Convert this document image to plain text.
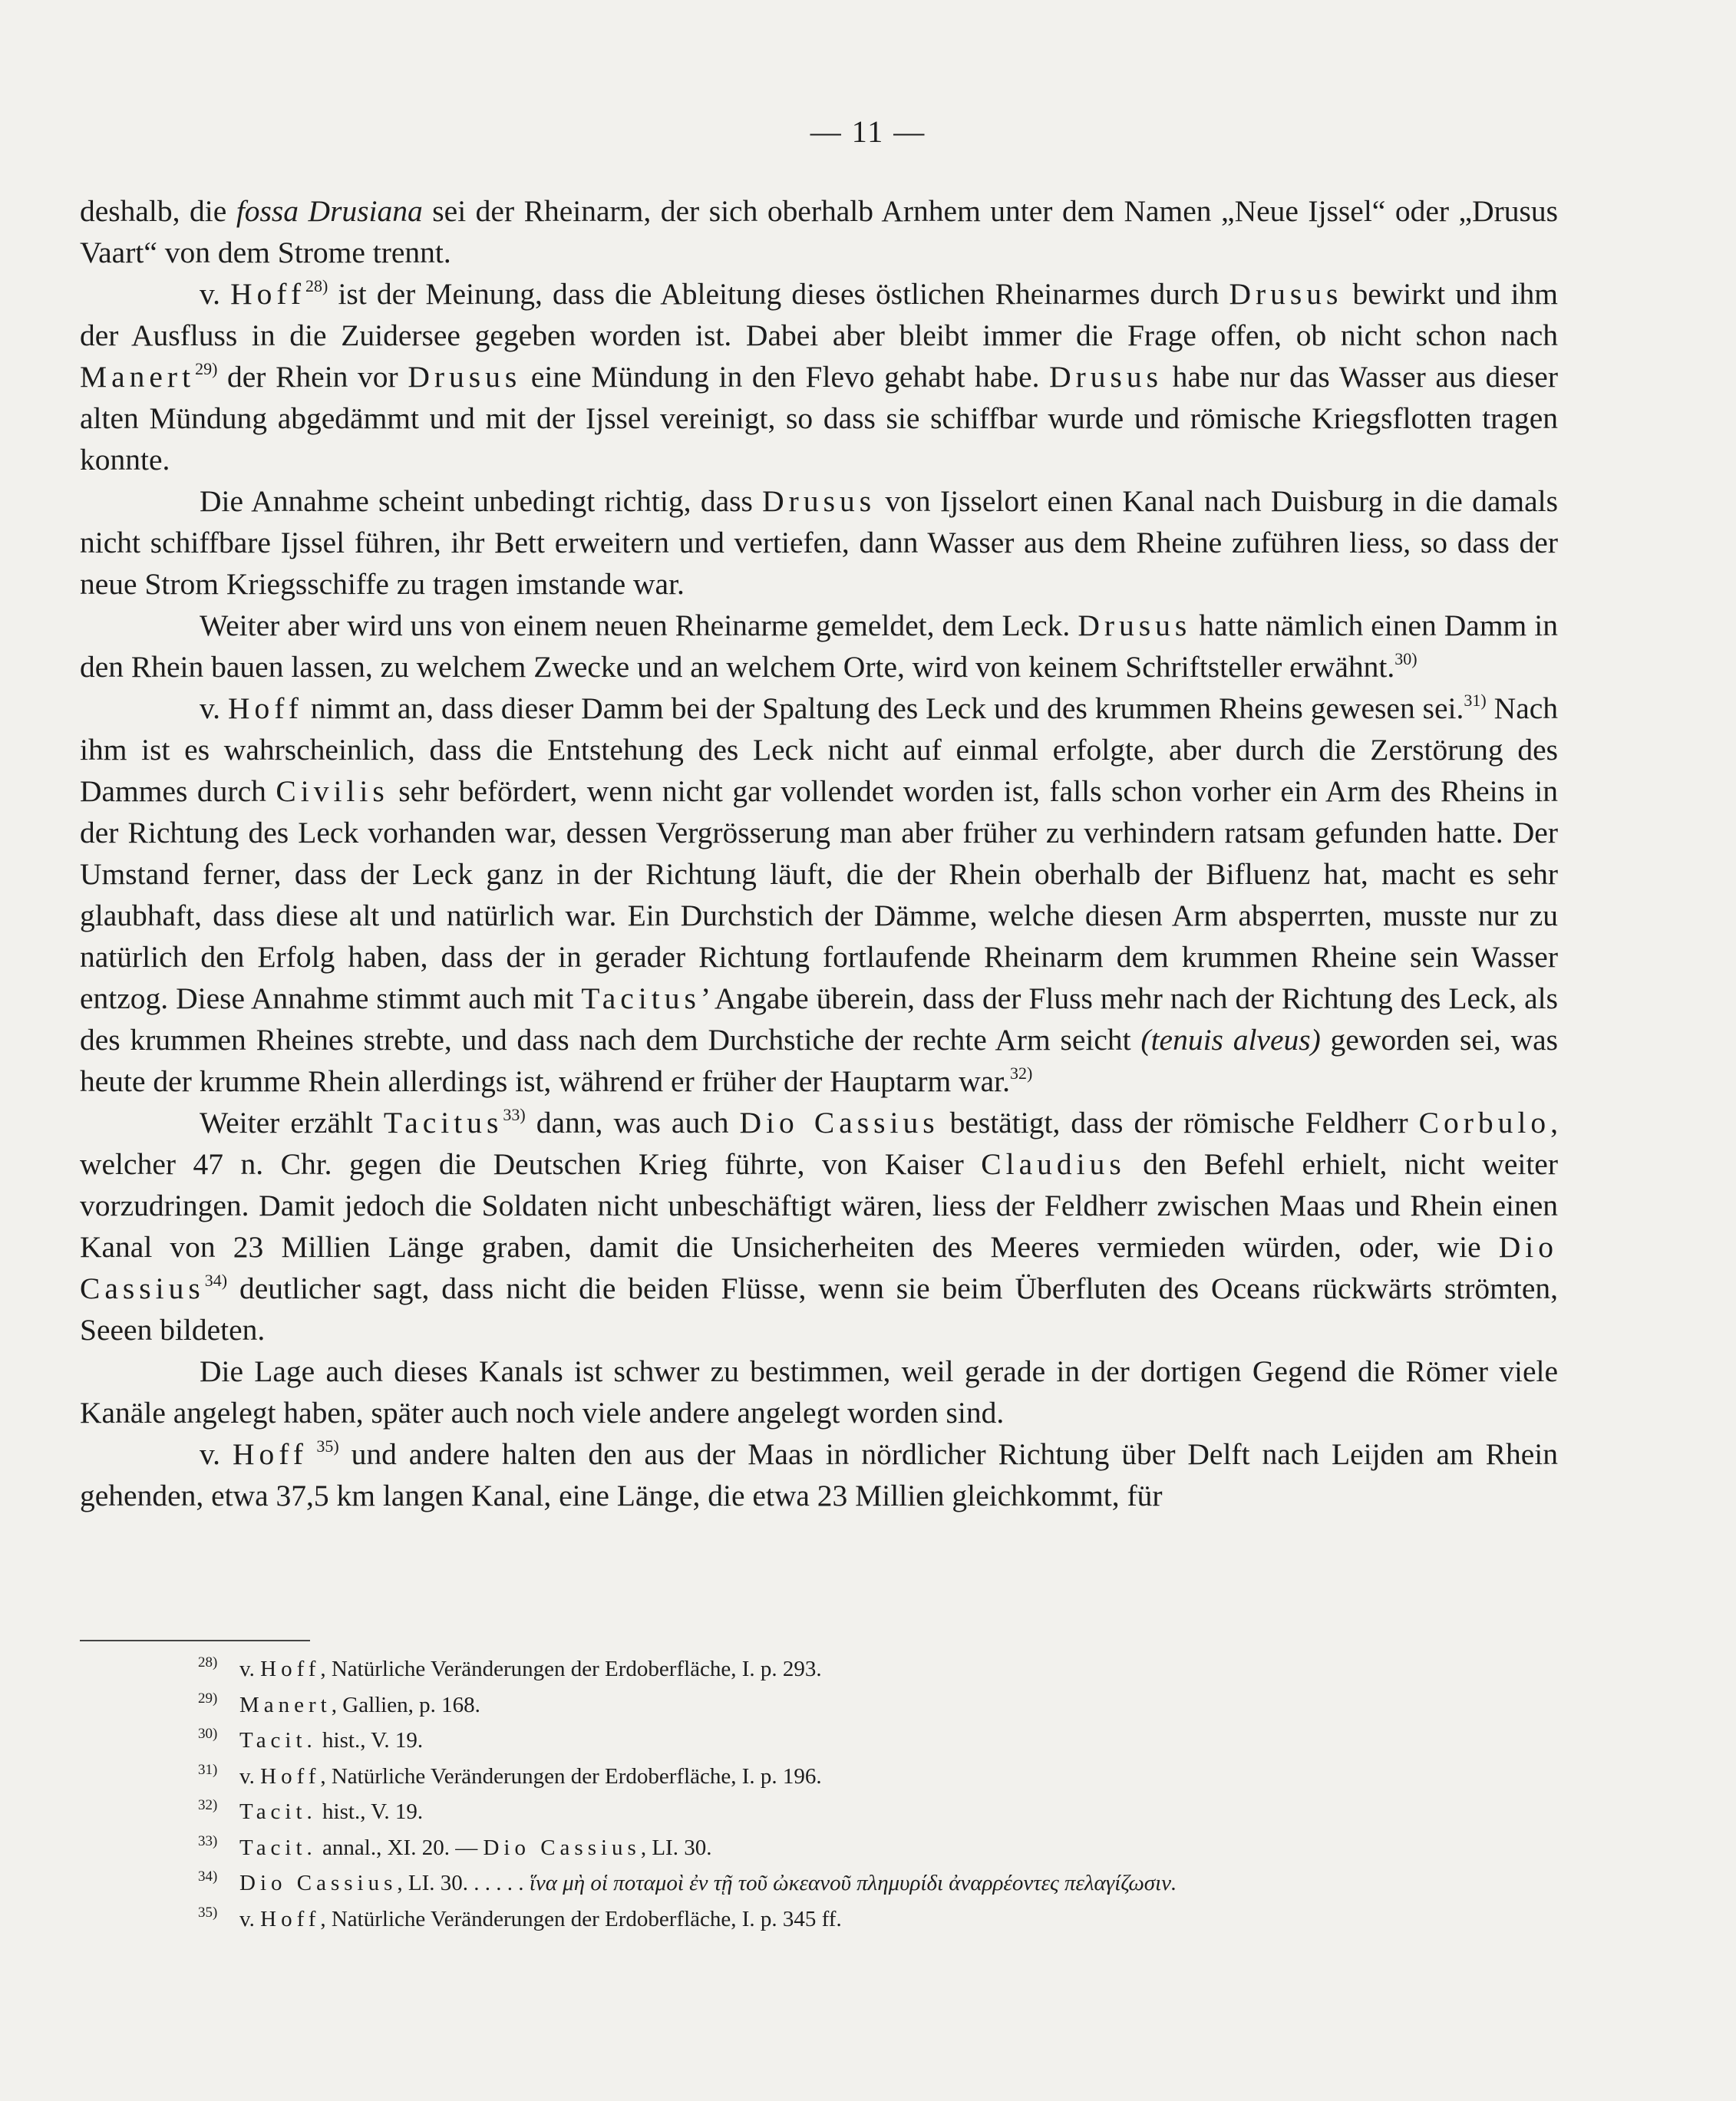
— 11 —

deshalb, die fossa Drusiana sei der Rheinarm, der sich oberhalb Arnhem unter dem Namen „Neue Ijssel“ oder „Drusus Vaart“ von dem Strome trennt.

v. Hoff$^{28)}$ ist der Meinung, dass die Ableitung dieses östlichen Rheinarmes durch Drusus bewirkt und ihm der Ausfluss in die Zuidersee gegeben worden ist. Dabei aber bleibt immer die Frage offen, ob nicht schon nach Manert$^{29)}$ der Rhein vor Drusus eine Mündung in den Flevo gehabt habe. Drusus habe nur das Wasser aus dieser alten Mündung abgedämmt und mit der Ijssel vereinigt, so dass sie schiffbar wurde und römische Kriegsflotten tragen konnte.

Die Annahme scheint unbedingt richtig, dass Drusus von Ijsselort einen Kanal nach Duisburg in die damals nicht schiffbare Ijssel führen, ihr Bett erweitern und vertiefen, dann Wasser aus dem Rheine zuführen liess, so dass der neue Strom Kriegsschiffe zu tragen imstande war.

Weiter aber wird uns von einem neuen Rheinarme gemeldet, dem Leck. Drusus hatte nämlich einen Damm in den Rhein bauen lassen, zu welchem Zwecke und an welchem Orte, wird von keinem Schriftsteller erwähnt.$^{30)}$

v. Hoff nimmt an, dass dieser Damm bei der Spaltung des Leck und des krummen Rheins gewesen sei.$^{31)}$ Nach ihm ist es wahrscheinlich, dass die Entstehung des Leck nicht auf einmal erfolgte, aber durch die Zerstörung des Dammes durch Civilis sehr befördert, wenn nicht gar vollendet worden ist, falls schon vorher ein Arm des Rheins in der Richtung des Leck vorhanden war, dessen Vergrösserung man aber früher zu verhindern ratsam gefunden hatte. Der Umstand ferner, dass der Leck ganz in der Richtung läuft, die der Rhein oberhalb der Bifluenz hat, macht es sehr glaubhaft, dass diese alt und natürlich war. Ein Durchstich der Dämme, welche diesen Arm absperrten, musste nur zu natürlich den Erfolg haben, dass der in gerader Richtung fortlaufende Rheinarm dem krummen Rheine sein Wasser entzog. Diese Annahme stimmt auch mit Tacitus’ Angabe überein, dass der Fluss mehr nach der Richtung des Leck, als des krummen Rheines strebte, und dass nach dem Durchstiche der rechte Arm seicht (tenuis alveus) geworden sei, was heute der krumme Rhein allerdings ist, während er früher der Hauptarm war.$^{32)}$

Weiter erzählt Tacitus$^{33)}$ dann, was auch Dio Cassius bestätigt, dass der römische Feldherr Corbulo, welcher 47 n. Chr. gegen die Deutschen Krieg führte, von Kaiser Claudius den Befehl erhielt, nicht weiter vorzudringen. Damit jedoch die Soldaten nicht unbeschäftigt wären, liess der Feldherr zwischen Maas und Rhein einen Kanal von 23 Millien Länge graben, damit die Unsicherheiten des Meeres vermieden würden, oder, wie Dio Cassius$^{34)}$ deutlicher sagt, dass nicht die beiden Flüsse, wenn sie beim Überfluten des Oceans rückwärts strömten, Seeen bildeten.

Die Lage auch dieses Kanals ist schwer zu bestimmen, weil gerade in der dortigen Gegend die Römer viele Kanäle angelegt haben, später auch noch viele andere angelegt worden sind.

v. Hoff $^{35)}$ und andere halten den aus der Maas in nördlicher Richtung über Delft nach Leijden am Rhein gehenden, etwa 37,5 km langen Kanal, eine Länge, die etwa 23 Millien gleichkommt, für

$^{28)}$ v. Hoff, Natürliche Veränderungen der Erdoberfläche, I. p. 293.
$^{29)}$ Manert, Gallien, p. 168.
$^{30)}$ Tacit. hist., V. 19.
$^{31)}$ v. Hoff, Natürliche Veränderungen der Erdoberfläche, I. p. 196.
$^{32)}$ Tacit. hist., V. 19.
$^{33)}$ Tacit. annal., XI. 20. — Dio Cassius, LI. 30.
$^{34)}$ Dio Cassius, LI. 30. . . . . . ἵνα μὴ οἱ ποταμοὶ ἐν τῇ τοῦ ὠκεανοῦ πλημυρίδι ἀναρρέοντες πελαγίζωσιν.
$^{35)}$ v. Hoff, Natürliche Veränderungen der Erdoberfläche, I. p. 345 ff.
